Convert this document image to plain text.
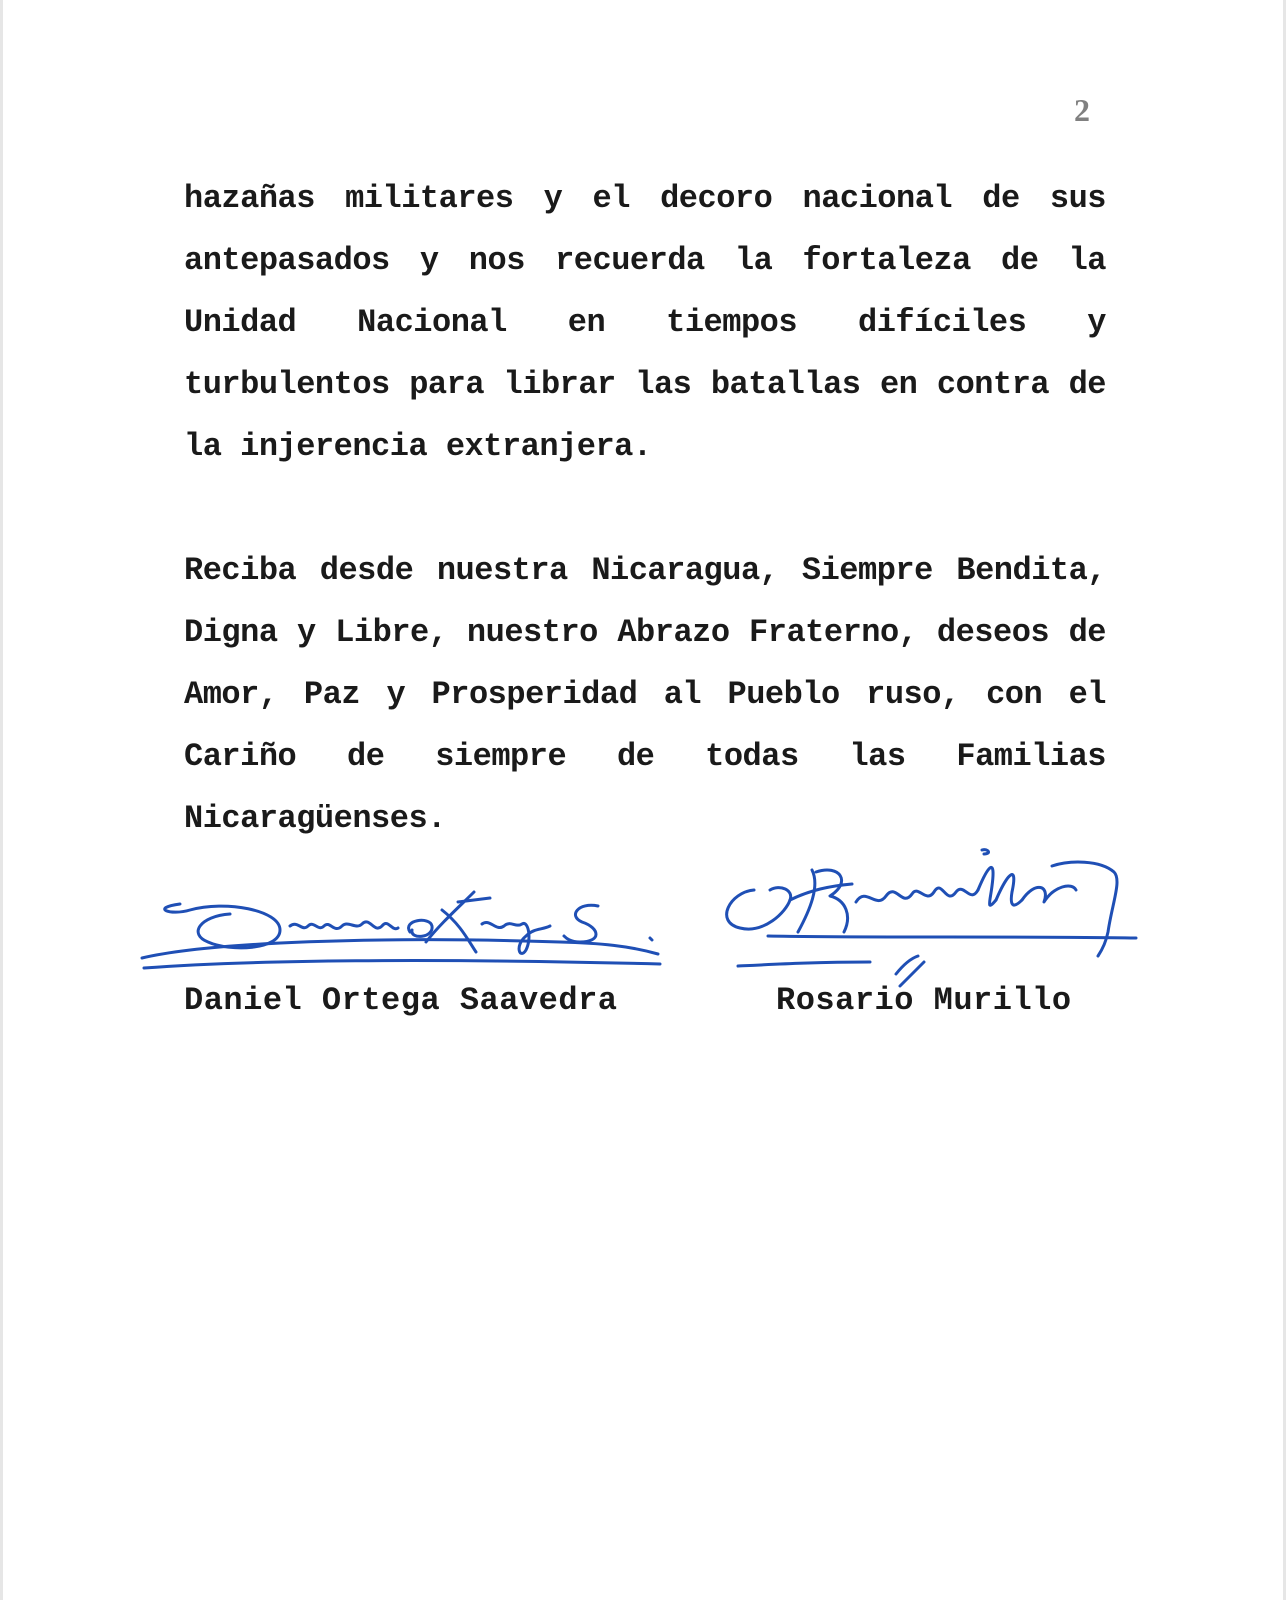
2
hazañas militares y el decoro nacional de sus antepasados y nos recuerda la fortaleza de la Unidad Nacional en tiempos difíciles y turbulentos para librar las batallas en contra de la injerencia extranjera.
Reciba desde nuestra Nicaragua, Siempre Bendita, Digna y Libre, nuestro Abrazo Fraterno, deseos de Amor, Paz y Prosperidad al Pueblo ruso, con el Cariño de siempre de todas las Familias Nicaragüenses.
Daniel Ortega Saavedra	Rosario Murillo
